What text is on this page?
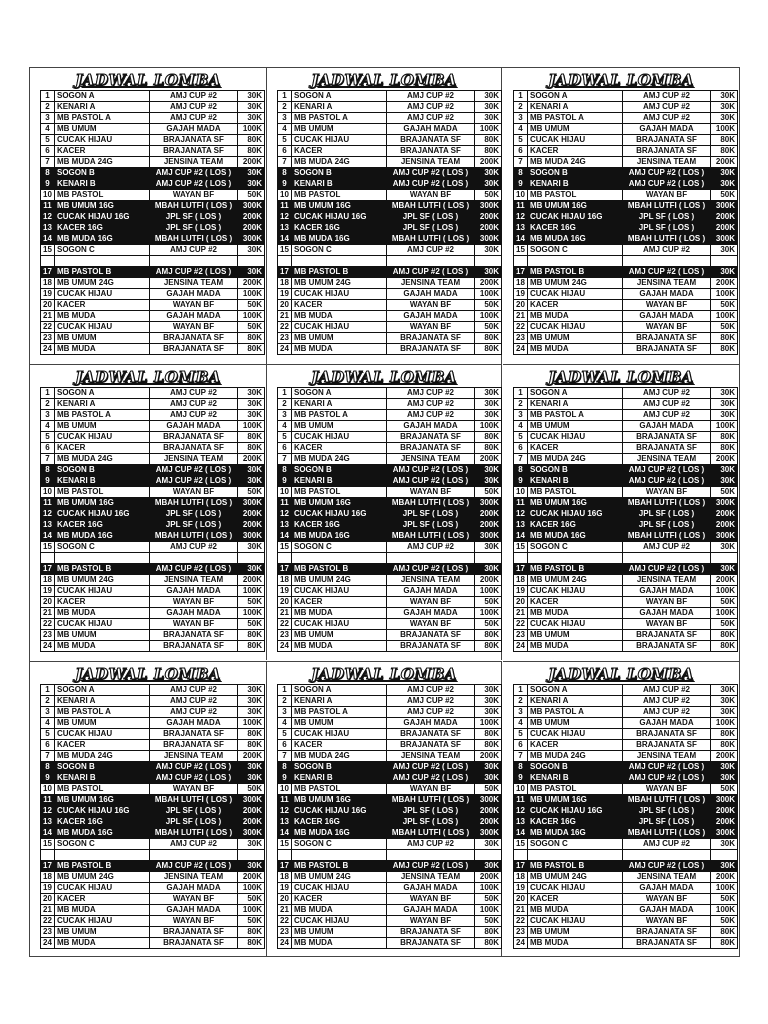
JADWAL LOMBA
1	SOGON A	AMJ CUP #2	30K
2	KENARI A	AMJ CUP #2	30K
3	MB PASTOL A	AMJ CUP #2	30K
4	MB UMUM	GAJAH MADA	100K
5	CUCAK HIJAU	BRAJANATA SF	80K
6	KACER	BRAJANATA SF	80K
7	MB MUDA 24G	JENSINA TEAM	200K
8	SOGON B	AMJ CUP #2 ( LOS )	30K
9	KENARI B	AMJ CUP #2 ( LOS )	30K
10	MB PASTOL	WAYAN BF	50K
11	MB UMUM 16G	MBAH LUTFI ( LOS )	300K
12	CUCAK HIJAU 16G	JPL SF ( LOS )	200K
13	KACER 16G	JPL SF ( LOS )	200K
14	MB MUDA 16G	MBAH LUTFI ( LOS )	300K
15	SOGON C	AMJ CUP #2	30K

17	MB PASTOL B	AMJ CUP #2 ( LOS )	30K
18	MB UMUM 24G	JENSINA TEAM	200K
19	CUCAK HIJAU	GAJAH MADA	100K
20	KACER	WAYAN BF	50K
21	MB MUDA	GAJAH MADA	100K
22	CUCAK HIJAU	WAYAN BF	50K
23	MB UMUM	BRAJANATA SF	80K
24	MB MUDA	BRAJANATA SF	80K
JADWAL LOMBA
1	SOGON A	AMJ CUP #2	30K
2	KENARI A	AMJ CUP #2	30K
3	MB PASTOL A	AMJ CUP #2	30K
4	MB UMUM	GAJAH MADA	100K
5	CUCAK HIJAU	BRAJANATA SF	80K
6	KACER	BRAJANATA SF	80K
7	MB MUDA 24G	JENSINA TEAM	200K
8	SOGON B	AMJ CUP #2 ( LOS )	30K
9	KENARI B	AMJ CUP #2 ( LOS )	30K
10	MB PASTOL	WAYAN BF	50K
11	MB UMUM 16G	MBAH LUTFI ( LOS )	300K
12	CUCAK HIJAU 16G	JPL SF ( LOS )	200K
13	KACER 16G	JPL SF ( LOS )	200K
14	MB MUDA 16G	MBAH LUTFI ( LOS )	300K
15	SOGON C	AMJ CUP #2	30K

17	MB PASTOL B	AMJ CUP #2 ( LOS )	30K
18	MB UMUM 24G	JENSINA TEAM	200K
19	CUCAK HIJAU	GAJAH MADA	100K
20	KACER	WAYAN BF	50K
21	MB MUDA	GAJAH MADA	100K
22	CUCAK HIJAU	WAYAN BF	50K
23	MB UMUM	BRAJANATA SF	80K
24	MB MUDA	BRAJANATA SF	80K
JADWAL LOMBA
1	SOGON A	AMJ CUP #2	30K
2	KENARI A	AMJ CUP #2	30K
3	MB PASTOL A	AMJ CUP #2	30K
4	MB UMUM	GAJAH MADA	100K
5	CUCAK HIJAU	BRAJANATA SF	80K
6	KACER	BRAJANATA SF	80K
7	MB MUDA 24G	JENSINA TEAM	200K
8	SOGON B	AMJ CUP #2 ( LOS )	30K
9	KENARI B	AMJ CUP #2 ( LOS )	30K
10	MB PASTOL	WAYAN BF	50K
11	MB UMUM 16G	MBAH LUTFI ( LOS )	300K
12	CUCAK HIJAU 16G	JPL SF ( LOS )	200K
13	KACER 16G	JPL SF ( LOS )	200K
14	MB MUDA 16G	MBAH LUTFI ( LOS )	300K
15	SOGON C	AMJ CUP #2	30K

17	MB PASTOL B	AMJ CUP #2 ( LOS )	30K
18	MB UMUM 24G	JENSINA TEAM	200K
19	CUCAK HIJAU	GAJAH MADA	100K
20	KACER	WAYAN BF	50K
21	MB MUDA	GAJAH MADA	100K
22	CUCAK HIJAU	WAYAN BF	50K
23	MB UMUM	BRAJANATA SF	80K
24	MB MUDA	BRAJANATA SF	80K
JADWAL LOMBA
1	SOGON A	AMJ CUP #2	30K
2	KENARI A	AMJ CUP #2	30K
3	MB PASTOL A	AMJ CUP #2	30K
4	MB UMUM	GAJAH MADA	100K
5	CUCAK HIJAU	BRAJANATA SF	80K
6	KACER	BRAJANATA SF	80K
7	MB MUDA 24G	JENSINA TEAM	200K
8	SOGON B	AMJ CUP #2 ( LOS )	30K
9	KENARI B	AMJ CUP #2 ( LOS )	30K
10	MB PASTOL	WAYAN BF	50K
11	MB UMUM 16G	MBAH LUTFI ( LOS )	300K
12	CUCAK HIJAU 16G	JPL SF ( LOS )	200K
13	KACER 16G	JPL SF ( LOS )	200K
14	MB MUDA 16G	MBAH LUTFI ( LOS )	300K
15	SOGON C	AMJ CUP #2	30K

17	MB PASTOL B	AMJ CUP #2 ( LOS )	30K
18	MB UMUM 24G	JENSINA TEAM	200K
19	CUCAK HIJAU	GAJAH MADA	100K
20	KACER	WAYAN BF	50K
21	MB MUDA	GAJAH MADA	100K
22	CUCAK HIJAU	WAYAN BF	50K
23	MB UMUM	BRAJANATA SF	80K
24	MB MUDA	BRAJANATA SF	80K
JADWAL LOMBA
1	SOGON A	AMJ CUP #2	30K
2	KENARI A	AMJ CUP #2	30K
3	MB PASTOL A	AMJ CUP #2	30K
4	MB UMUM	GAJAH MADA	100K
5	CUCAK HIJAU	BRAJANATA SF	80K
6	KACER	BRAJANATA SF	80K
7	MB MUDA 24G	JENSINA TEAM	200K
8	SOGON B	AMJ CUP #2 ( LOS )	30K
9	KENARI B	AMJ CUP #2 ( LOS )	30K
10	MB PASTOL	WAYAN BF	50K
11	MB UMUM 16G	MBAH LUTFI ( LOS )	300K
12	CUCAK HIJAU 16G	JPL SF ( LOS )	200K
13	KACER 16G	JPL SF ( LOS )	200K
14	MB MUDA 16G	MBAH LUTFI ( LOS )	300K
15	SOGON C	AMJ CUP #2	30K

17	MB PASTOL B	AMJ CUP #2 ( LOS )	30K
18	MB UMUM 24G	JENSINA TEAM	200K
19	CUCAK HIJAU	GAJAH MADA	100K
20	KACER	WAYAN BF	50K
21	MB MUDA	GAJAH MADA	100K
22	CUCAK HIJAU	WAYAN BF	50K
23	MB UMUM	BRAJANATA SF	80K
24	MB MUDA	BRAJANATA SF	80K
JADWAL LOMBA
1	SOGON A	AMJ CUP #2	30K
2	KENARI A	AMJ CUP #2	30K
3	MB PASTOL A	AMJ CUP #2	30K
4	MB UMUM	GAJAH MADA	100K
5	CUCAK HIJAU	BRAJANATA SF	80K
6	KACER	BRAJANATA SF	80K
7	MB MUDA 24G	JENSINA TEAM	200K
8	SOGON B	AMJ CUP #2 ( LOS )	30K
9	KENARI B	AMJ CUP #2 ( LOS )	30K
10	MB PASTOL	WAYAN BF	50K
11	MB UMUM 16G	MBAH LUTFI ( LOS )	300K
12	CUCAK HIJAU 16G	JPL SF ( LOS )	200K
13	KACER 16G	JPL SF ( LOS )	200K
14	MB MUDA 16G	MBAH LUTFI ( LOS )	300K
15	SOGON C	AMJ CUP #2	30K

17	MB PASTOL B	AMJ CUP #2 ( LOS )	30K
18	MB UMUM 24G	JENSINA TEAM	200K
19	CUCAK HIJAU	GAJAH MADA	100K
20	KACER	WAYAN BF	50K
21	MB MUDA	GAJAH MADA	100K
22	CUCAK HIJAU	WAYAN BF	50K
23	MB UMUM	BRAJANATA SF	80K
24	MB MUDA	BRAJANATA SF	80K
JADWAL LOMBA
1	SOGON A	AMJ CUP #2	30K
2	KENARI A	AMJ CUP #2	30K
3	MB PASTOL A	AMJ CUP #2	30K
4	MB UMUM	GAJAH MADA	100K
5	CUCAK HIJAU	BRAJANATA SF	80K
6	KACER	BRAJANATA SF	80K
7	MB MUDA 24G	JENSINA TEAM	200K
8	SOGON B	AMJ CUP #2 ( LOS )	30K
9	KENARI B	AMJ CUP #2 ( LOS )	30K
10	MB PASTOL	WAYAN BF	50K
11	MB UMUM 16G	MBAH LUTFI ( LOS )	300K
12	CUCAK HIJAU 16G	JPL SF ( LOS )	200K
13	KACER 16G	JPL SF ( LOS )	200K
14	MB MUDA 16G	MBAH LUTFI ( LOS )	300K
15	SOGON C	AMJ CUP #2	30K

17	MB PASTOL B	AMJ CUP #2 ( LOS )	30K
18	MB UMUM 24G	JENSINA TEAM	200K
19	CUCAK HIJAU	GAJAH MADA	100K
20	KACER	WAYAN BF	50K
21	MB MUDA	GAJAH MADA	100K
22	CUCAK HIJAU	WAYAN BF	50K
23	MB UMUM	BRAJANATA SF	80K
24	MB MUDA	BRAJANATA SF	80K
JADWAL LOMBA
1	SOGON A	AMJ CUP #2	30K
2	KENARI A	AMJ CUP #2	30K
3	MB PASTOL A	AMJ CUP #2	30K
4	MB UMUM	GAJAH MADA	100K
5	CUCAK HIJAU	BRAJANATA SF	80K
6	KACER	BRAJANATA SF	80K
7	MB MUDA 24G	JENSINA TEAM	200K
8	SOGON B	AMJ CUP #2 ( LOS )	30K
9	KENARI B	AMJ CUP #2 ( LOS )	30K
10	MB PASTOL	WAYAN BF	50K
11	MB UMUM 16G	MBAH LUTFI ( LOS )	300K
12	CUCAK HIJAU 16G	JPL SF ( LOS )	200K
13	KACER 16G	JPL SF ( LOS )	200K
14	MB MUDA 16G	MBAH LUTFI ( LOS )	300K
15	SOGON C	AMJ CUP #2	30K

17	MB PASTOL B	AMJ CUP #2 ( LOS )	30K
18	MB UMUM 24G	JENSINA TEAM	200K
19	CUCAK HIJAU	GAJAH MADA	100K
20	KACER	WAYAN BF	50K
21	MB MUDA	GAJAH MADA	100K
22	CUCAK HIJAU	WAYAN BF	50K
23	MB UMUM	BRAJANATA SF	80K
24	MB MUDA	BRAJANATA SF	80K
JADWAL LOMBA
1	SOGON A	AMJ CUP #2	30K
2	KENARI A	AMJ CUP #2	30K
3	MB PASTOL A	AMJ CUP #2	30K
4	MB UMUM	GAJAH MADA	100K
5	CUCAK HIJAU	BRAJANATA SF	80K
6	KACER	BRAJANATA SF	80K
7	MB MUDA 24G	JENSINA TEAM	200K
8	SOGON B	AMJ CUP #2 ( LOS )	30K
9	KENARI B	AMJ CUP #2 ( LOS )	30K
10	MB PASTOL	WAYAN BF	50K
11	MB UMUM 16G	MBAH LUTFI ( LOS )	300K
12	CUCAK HIJAU 16G	JPL SF ( LOS )	200K
13	KACER 16G	JPL SF ( LOS )	200K
14	MB MUDA 16G	MBAH LUTFI ( LOS )	300K
15	SOGON C	AMJ CUP #2	30K

17	MB PASTOL B	AMJ CUP #2 ( LOS )	30K
18	MB UMUM 24G	JENSINA TEAM	200K
19	CUCAK HIJAU	GAJAH MADA	100K
20	KACER	WAYAN BF	50K
21	MB MUDA	GAJAH MADA	100K
22	CUCAK HIJAU	WAYAN BF	50K
23	MB UMUM	BRAJANATA SF	80K
24	MB MUDA	BRAJANATA SF	80K
